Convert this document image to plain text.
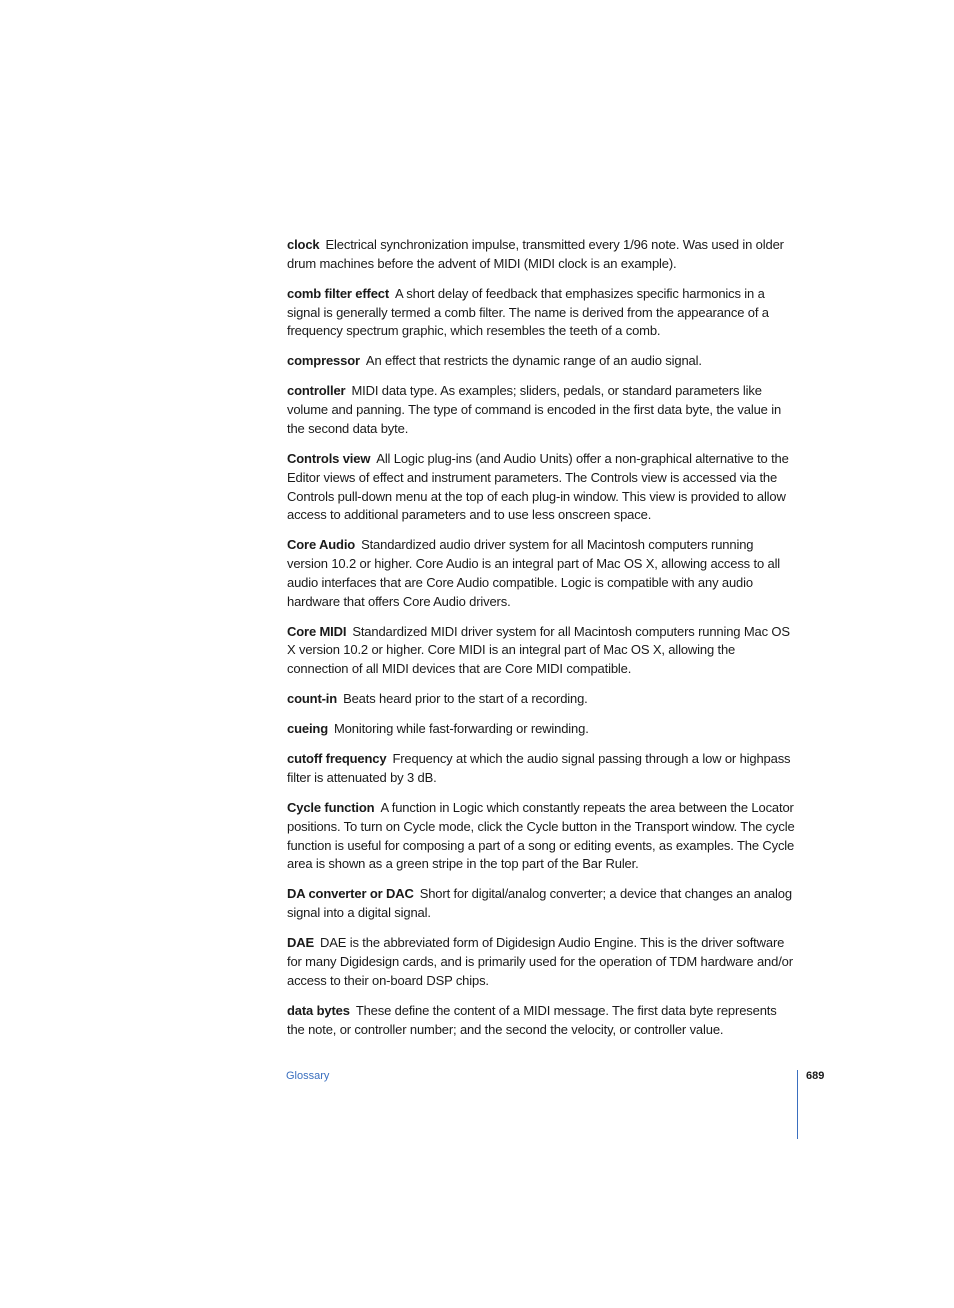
clock Electrical synchronization impulse, transmitted every 1/96 note. Was used in older drum machines before the advent of MIDI (MIDI clock is an example).

comb filter effect A short delay of feedback that emphasizes specific harmonics in a signal is generally termed a comb filter. The name is derived from the appearance of a frequency spectrum graphic, which resembles the teeth of a comb.

compressor An effect that restricts the dynamic range of an audio signal.

controller MIDI data type. As examples; sliders, pedals, or standard parameters like volume and panning. The type of command is encoded in the first data byte, the value in the second data byte.

Controls view All Logic plug-ins (and Audio Units) offer a non-graphical alternative to the Editor views of effect and instrument parameters. The Controls view is accessed via the Controls pull-down menu at the top of each plug-in window. This view is provided to allow access to additional parameters and to use less onscreen space.

Core Audio Standardized audio driver system for all Macintosh computers running version 10.2 or higher. Core Audio is an integral part of Mac OS X, allowing access to all audio interfaces that are Core Audio compatible. Logic is compatible with any audio hardware that offers Core Audio drivers.

Core MIDI Standardized MIDI driver system for all Macintosh computers running Mac OS X version 10.2 or higher. Core MIDI is an integral part of Mac OS X, allowing the connection of all MIDI devices that are Core MIDI compatible.

count-in Beats heard prior to the start of a recording.

cueing Monitoring while fast-forwarding or rewinding.

cutoff frequency Frequency at which the audio signal passing through a low or highpass filter is attenuated by 3 dB.

Cycle function A function in Logic which constantly repeats the area between the Locator positions. To turn on Cycle mode, click the Cycle button in the Transport window. The cycle function is useful for composing a part of a song or editing events, as examples. The Cycle area is shown as a green stripe in the top part of the Bar Ruler.

DA converter or DAC Short for digital/analog converter; a device that changes an analog signal into a digital signal.

DAE DAE is the abbreviated form of Digidesign Audio Engine. This is the driver software for many Digidesign cards, and is primarily used for the operation of TDM hardware and/or access to their on-board DSP chips.

data bytes These define the content of a MIDI message. The first data byte represents the note, or controller number; and the second the velocity, or controller value.

Glossary	689
